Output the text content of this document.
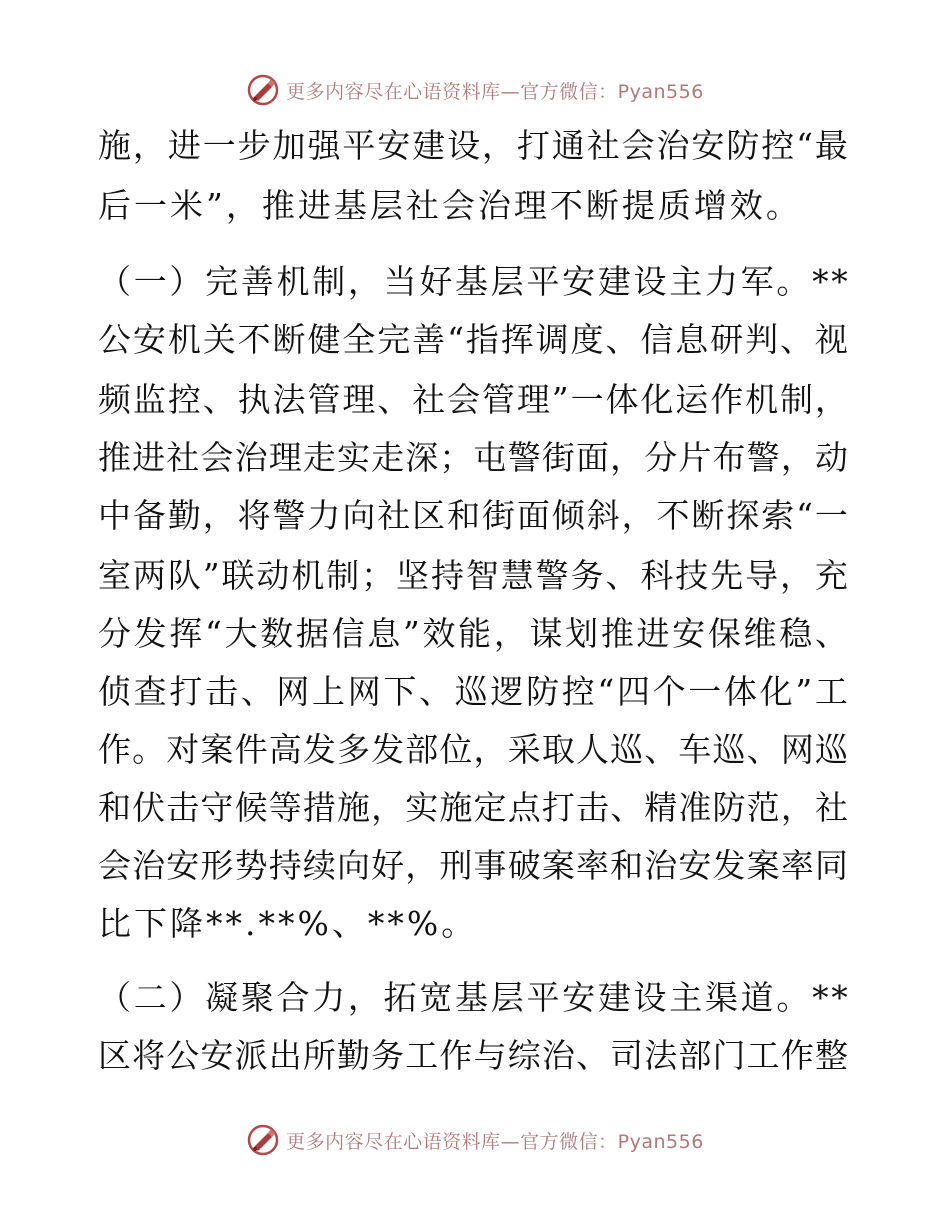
更多内容尽在心语资料库—官方微信：Pyan556
施 ， 进 一 步 加 强 平 安 建 设 ， 打 通 社 会 治 安 防 控 “ 最
后一米”，推进基层社会治理不断提质增效。
（ 一 ） 完 善 机 制 ， 当 好 基 层 平 安 建 设 主 力 军 。 * *
公 安 机 关 不 断 健 全 完 善 “ 指 挥 调 度 、 信 息 研 判 、 视
频 监 控 、 执 法 管 理 、 社 会 管 理 ” 一 体 化 运 作 机 制 ，
推 进 社 会 治 理 走 实 走 深 ； 屯 警 街 面 ， 分 片 布 警 ， 动
中 备 勤 ， 将 警 力 向 社 区 和 街 面 倾 斜 ， 不 断 探 索 “ 一
室 两 队 ” 联 动 机 制 ； 坚 持 智 慧 警 务 、 科 技 先 导 ， 充
分 发 挥 “ 大 数 据 信 息 ” 效 能 ， 谋 划 推 进 安 保 维 稳 、
侦 查 打 击 、 网 上 网 下 、 巡 逻 防 控 “ 四 个 一 体 化 ” 工
作 。 对 案 件 高 发 多 发 部 位 ， 采 取 人 巡 、 车 巡 、 网 巡
和 伏 击 守 候 等 措 施 ， 实 施 定 点 打 击 、 精 准 防 范 ， 社
会 治 安 形 势 持 续 向 好 ， 刑 事 破 案 率 和 治 安 发 案 率 同
比下降**.**%、**%。
（ 二 ） 凝 聚 合 力 ， 拓 宽 基 层 平 安 建 设 主 渠 道 。 * *
区 将 公 安 派 出 所 勤 务 工 作 与 综 治 、 司 法 部 门 工 作 整
更多内容尽在心语资料库—官方微信：Pyan556
